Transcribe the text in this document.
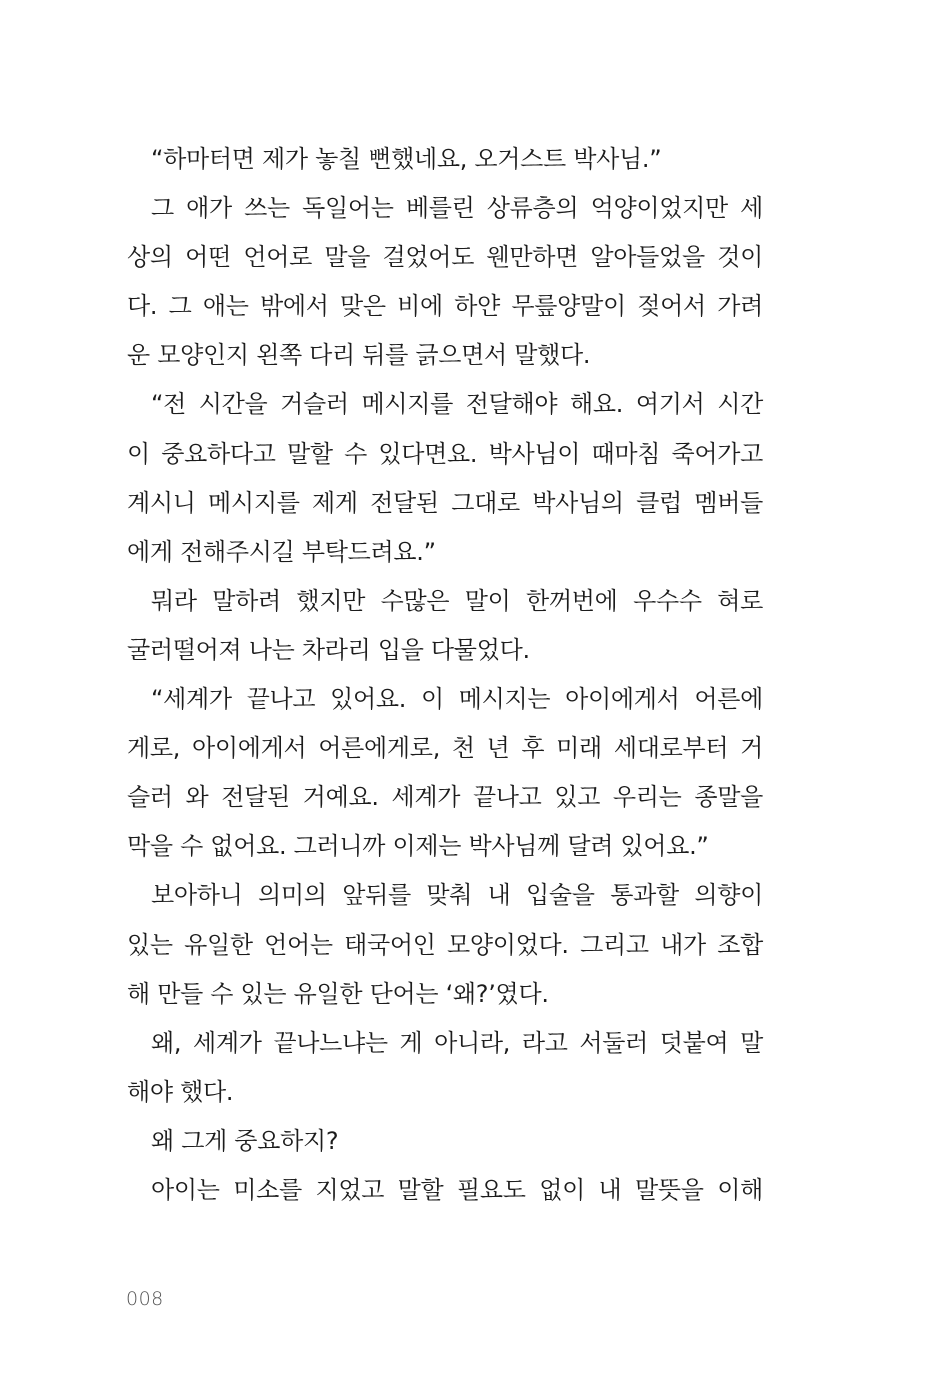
“하마터면 제가 놓칠 뻔했네요, 오거스트 박사님.”
그 애가 쓰는 독일어는 베를린 상류층의 억양이었지만 세
상의 어떤 언어로 말을 걸었어도 웬만하면 알아들었을 것이
다. 그 애는 밖에서 맞은 비에 하얀 무릎양말이 젖어서 가려
운 모양인지 왼쪽 다리 뒤를 긁으면서 말했다.
“전 시간을 거슬러 메시지를 전달해야 해요. 여기서 시간
이 중요하다고 말할 수 있다면요. 박사님이 때마침 죽어가고
계시니 메시지를 제게 전달된 그대로 박사님의 클럽 멤버들
에게 전해주시길 부탁드려요.”
뭐라 말하려 했지만 수많은 말이 한꺼번에 우수수 혀로
굴러떨어져 나는 차라리 입을 다물었다.
“세계가 끝나고 있어요. 이 메시지는 아이에게서 어른에
게로, 아이에게서 어른에게로, 천 년 후 미래 세대로부터 거
슬러 와 전달된 거예요. 세계가 끝나고 있고 우리는 종말을
막을 수 없어요. 그러니까 이제는 박사님께 달려 있어요.”
보아하니 의미의 앞뒤를 맞춰 내 입술을 통과할 의향이
있는 유일한 언어는 태국어인 모양이었다. 그리고 내가 조합
해 만들 수 있는 유일한 단어는 ‘왜?’였다.
왜, 세계가 끝나느냐는 게 아니라, 라고 서둘러 덧붙여 말
해야 했다.
왜 그게 중요하지?
아이는 미소를 지었고 말할 필요도 없이 내 말뜻을 이해
008
